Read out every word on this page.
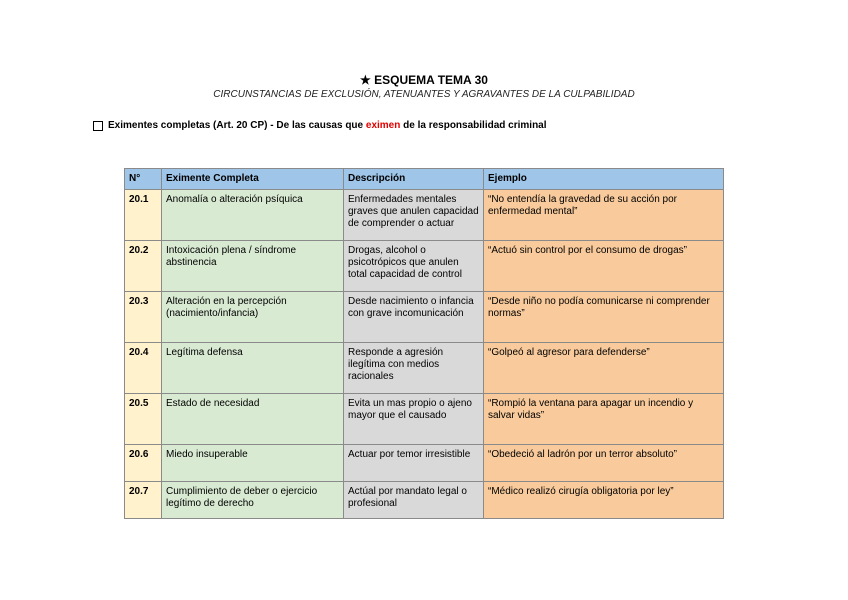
★ ESQUEMA TEMA 30
CIRCUNSTANCIAS DE EXCLUSIÓN, ATENUANTES Y AGRAVANTES DE LA CULPABILIDAD
Eximentes completas (Art. 20 CP) - De las causas que eximen de la responsabilidad criminal
N°	Eximente Completa	Descripción	Ejemplo
20.1	Anomalía o alteración psíquica	Enfermedades mentales graves que anulen capacidad de comprender o actuar	“No entendía la gravedad de su acción por enfermedad mental”
20.2	Intoxicación plena / síndrome abstinencia	Drogas, alcohol o psicotrópicos que anulen total capacidad de control	“Actuó sin control por el consumo de drogas”
20.3	Alteración en la percepción (nacimiento/infancia)	Desde nacimiento o infancia con grave incomunicación	“Desde niño no podía comunicarse ni comprender normas”
20.4	Legítima defensa	Responde a agresión ilegítima con medios racionales	“Golpeó al agresor para defenderse”
20.5	Estado de necesidad	Evita un mas propio o ajeno mayor que el causado	“Rompió la ventana para apagar un incendio y salvar vidas”
20.6	Miedo insuperable	Actuar por temor irresistible	“Obedeció al ladrón por un terror absoluto”
20.7	Cumplimiento de deber o ejercicio legítimo de derecho	Actúal por mandato legal o profesional	“Médico realizó cirugía obligatoria por ley”
